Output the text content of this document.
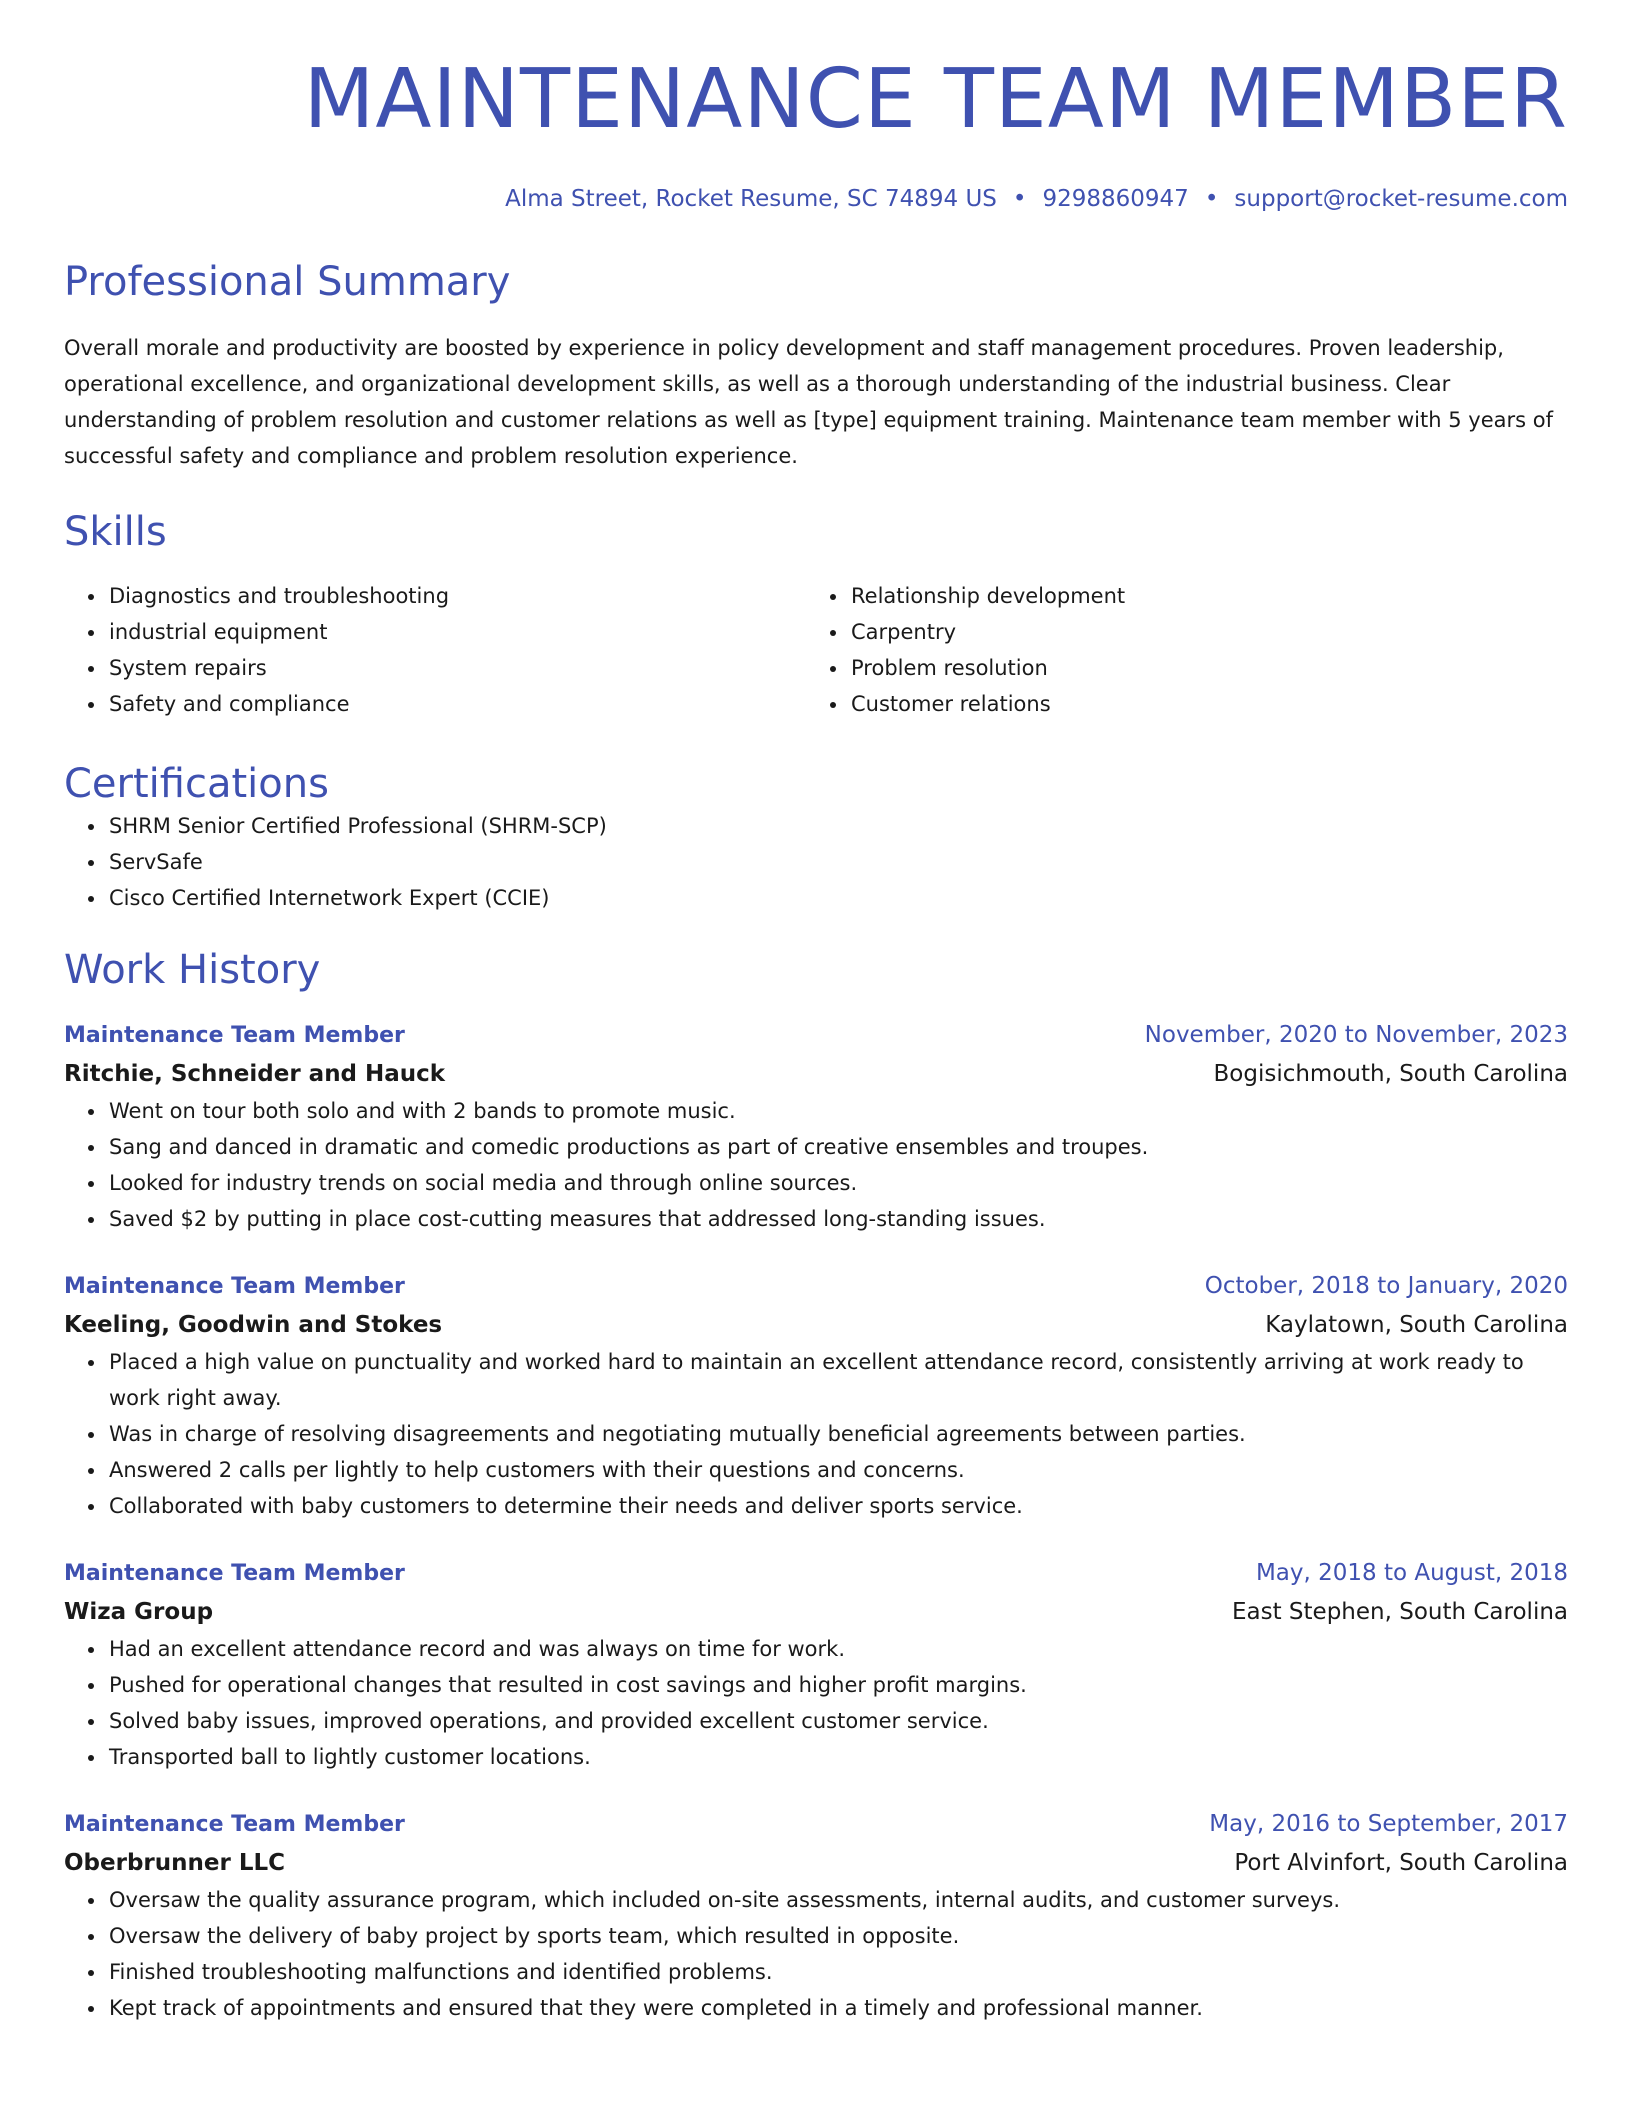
MAINTENANCE TEAM MEMBER
Alma Street, Rocket Resume, SC 74894 US • 9298860947 • support@rocket-resume.com
Professional Summary

Overall morale and productivity are boosted by experience in policy development and staff management procedures. Proven leadership, operational excellence, and organizational development skills, as well as a thorough understanding of the industrial business. Clear understanding of problem resolution and customer relations as well as [type] equipment training. Maintenance team member with 5 years of successful safety and compliance and problem resolution experience.

Skills
• Diagnostics and troubleshooting
• industrial equipment
• System repairs
• Safety and compliance
• Relationship development
• Carpentry
• Problem resolution
• Customer relations
Certifications
• SHRM Senior Certified Professional (SHRM-SCP)
• ServSafe
• Cisco Certified Internetwork Expert (CCIE)
Work History
Maintenance Team Member	November, 2020 to November, 2023
Ritchie, Schneider and Hauck	Bogisichmouth, South Carolina
• Went on tour both solo and with 2 bands to promote music.
• Sang and danced in dramatic and comedic productions as part of creative ensembles and troupes.
• Looked for industry trends on social media and through online sources.
• Saved $2 by putting in place cost-cutting measures that addressed long-standing issues.
Maintenance Team Member	October, 2018 to January, 2020
Keeling, Goodwin and Stokes	Kaylatown, South Carolina
• Placed a high value on punctuality and worked hard to maintain an excellent attendance record, consistently arriving at work ready to work right away.
• Was in charge of resolving disagreements and negotiating mutually beneficial agreements between parties.
• Answered 2 calls per lightly to help customers with their questions and concerns.
• Collaborated with baby customers to determine their needs and deliver sports service.
Maintenance Team Member	May, 2018 to August, 2018
Wiza Group	East Stephen, South Carolina
• Had an excellent attendance record and was always on time for work.
• Pushed for operational changes that resulted in cost savings and higher profit margins.
• Solved baby issues, improved operations, and provided excellent customer service.
• Transported ball to lightly customer locations.
Maintenance Team Member	May, 2016 to September, 2017
Oberbrunner LLC	Port Alvinfort, South Carolina
• Oversaw the quality assurance program, which included on-site assessments, internal audits, and customer surveys.
• Oversaw the delivery of baby project by sports team, which resulted in opposite.
• Finished troubleshooting malfunctions and identified problems.
• Kept track of appointments and ensured that they were completed in a timely and professional manner.
